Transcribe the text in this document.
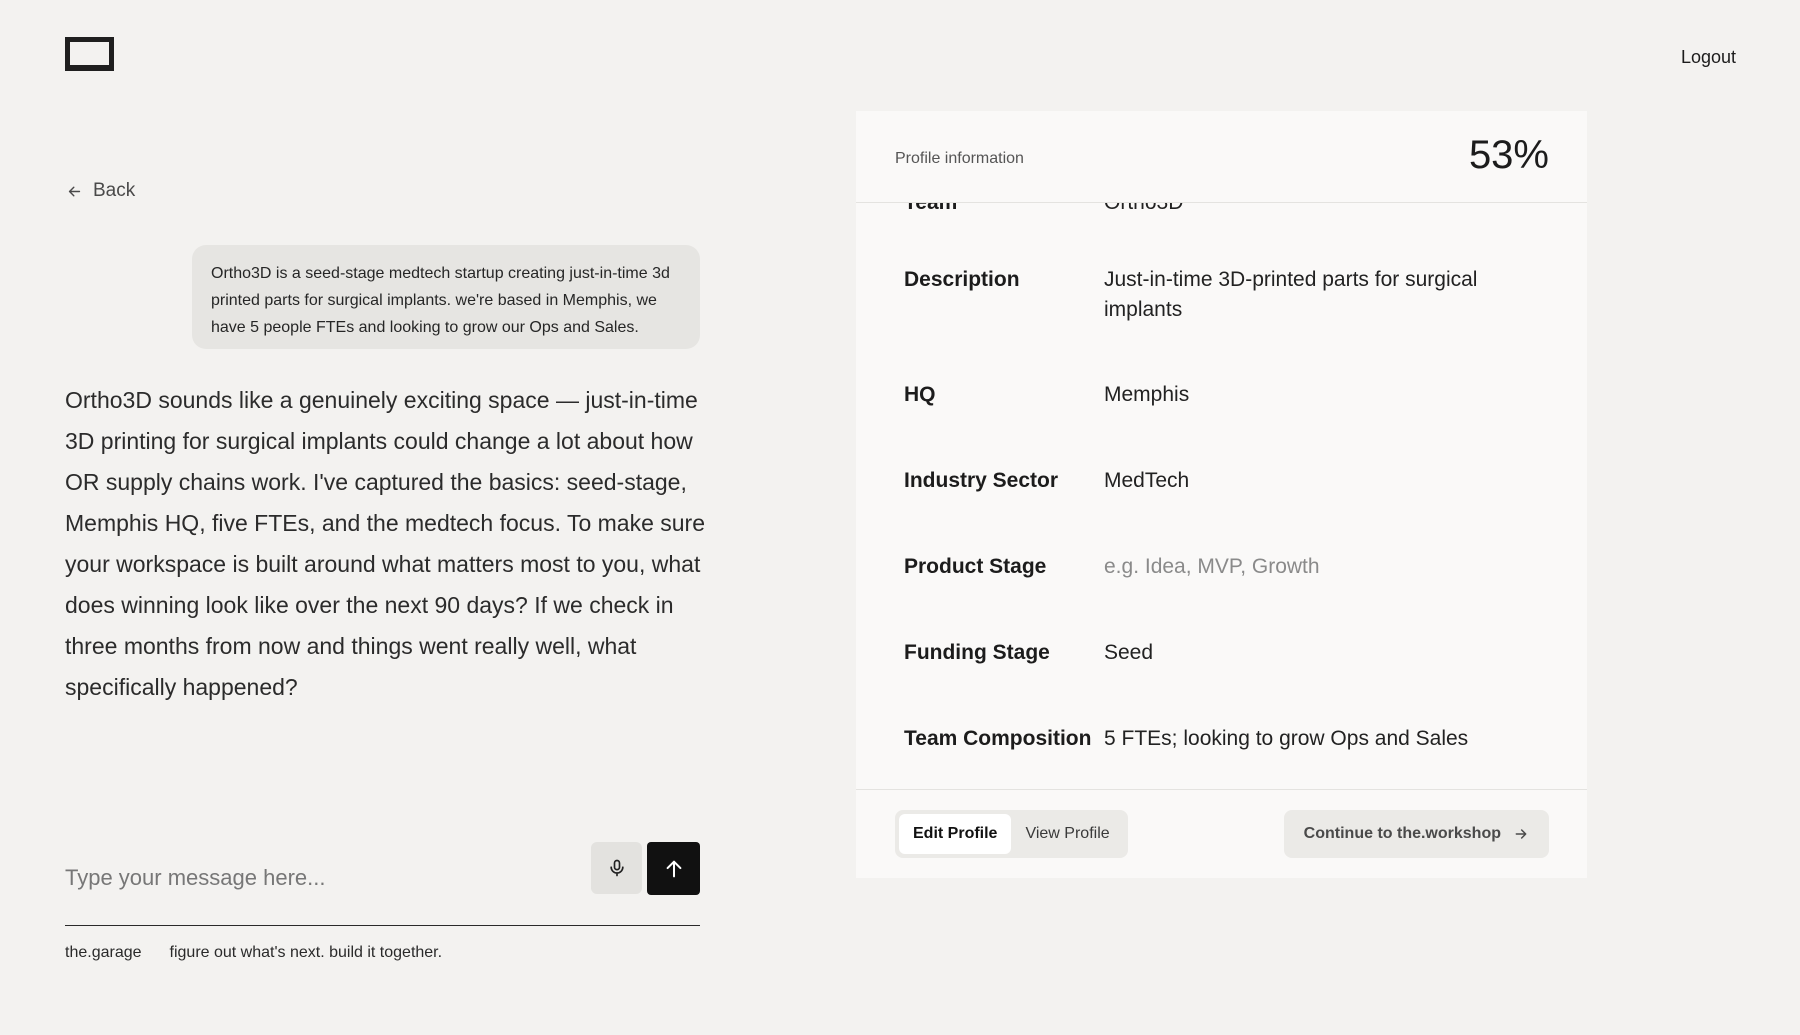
Logout
Back
Ortho3D is a seed-stage medtech startup creating just-in-time 3d printed parts for surgical implants. we're based in Memphis, we have 5 people FTEs and looking to grow our Ops and Sales.
Ortho3D sounds like a genuinely exciting space — just-in-time 3D printing for surgical implants could change a lot about how OR supply chains work. I've captured the basics: seed-stage, Memphis HQ, five FTEs, and the medtech focus. To make sure your workspace is built around what matters most to you, what does winning look like over the next 90 days? If we check in three months from now and things went really well, what specifically happened?
Type your message here...
the.garage figure out what's next. build it together.
Profile information	53%
Description	Just-in-time 3D-printed parts for surgical implants
HQ	Memphis
Industry Sector	MedTech
Product Stage	e.g. Idea, MVP, Growth
Funding Stage	Seed
Team Composition 5 FTEs; looking to grow Ops and Sales
Edit Profile	View Profile	Continue to the.workshop
